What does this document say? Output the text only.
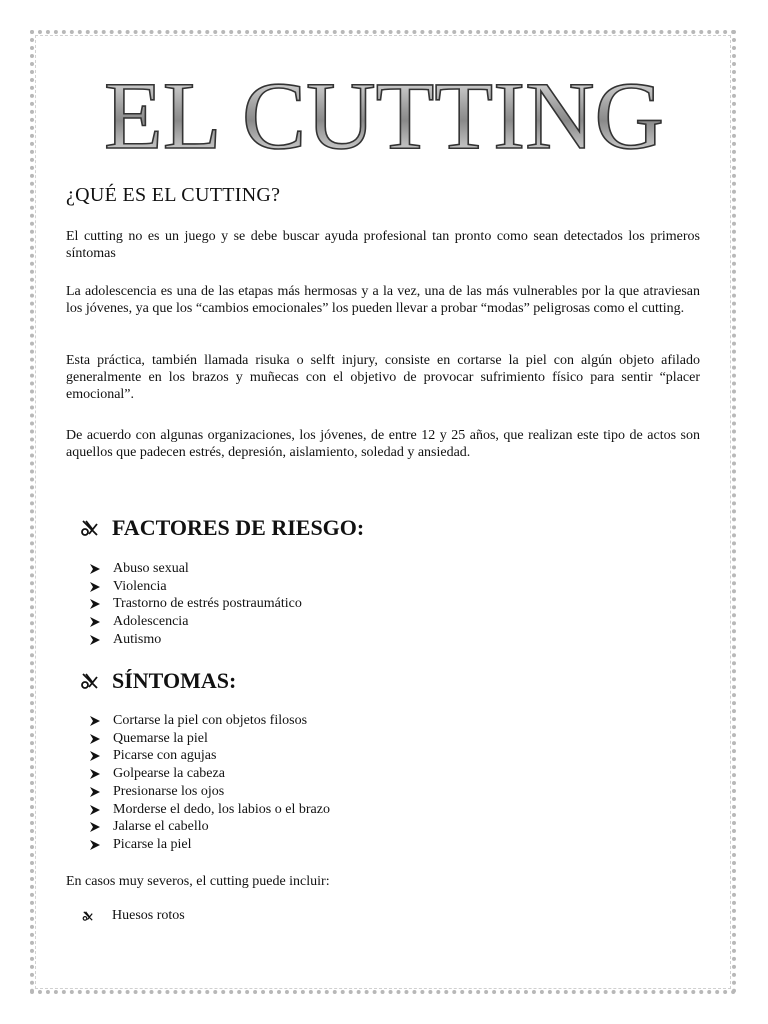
EL CUTTING
¿QUÉ ES EL CUTTING?

El cutting no es un juego y se debe buscar ayuda profesional tan pronto como sean detectados los primeros síntomas

La adolescencia es una de las etapas más hermosas y a la vez, una de las más vulnerables por la que atraviesan los jóvenes, ya que los “cambios emocionales” los pueden llevar a probar “modas” peligrosas como el cutting.

Esta práctica, también llamada risuka o selft injury, consiste en cortarse la piel con algún objeto afilado generalmente en los brazos y muñecas con el objetivo de provocar sufrimiento físico para sentir “placer emocional”.

De acuerdo con algunas organizaciones, los jóvenes, de entre 12 y 25 años, que realizan este tipo de actos son aquellos que padecen estrés, depresión, aislamiento, soledad y ansiedad.

FACTORES DE RIESGO:
Abuso sexual
Violencia
Trastorno de estrés postraumático
Adolescencia
Autismo
SÍNTOMAS:
Cortarse la piel con objetos filosos
Quemarse la piel
Picarse con agujas
Golpearse la cabeza
Presionarse los ojos
Morderse el dedo, los labios o el brazo
Jalarse el cabello
Picarse la piel

En casos muy severos, el cutting puede incluir:

Huesos rotos
